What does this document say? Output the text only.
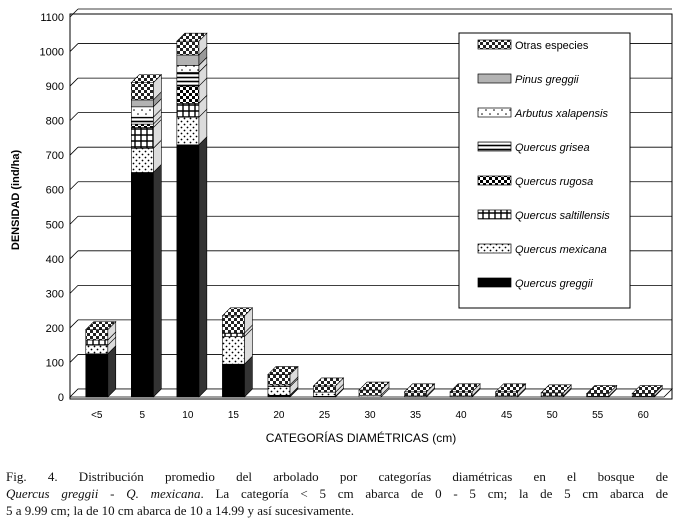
0
100
200
300
400
500
600
700
800
900
1000
1100
<5	5	10	15	20	25	30	35	40	45	50	55	60
DENSIDAD (ind/ha)
CATEGORÍAS DIAMÉTRICAS (cm)
Otras especies
Pinus greggii
Arbutus xalapensis
Quercus grisea
Quercus rugosa
Quercus saltillensis
Quercus mexicana
Quercus greggii
Fig. 4. Distribución promedio del arbolado por categorías diamétricas en el bosque de
Quercus greggii - Q. mexicana. La categoría < 5 cm abarca de 0 - 5 cm; la de 5 cm abarca de
5 a 9.99 cm; la de 10 cm abarca de 10 a 14.99 y así sucesivamente.
